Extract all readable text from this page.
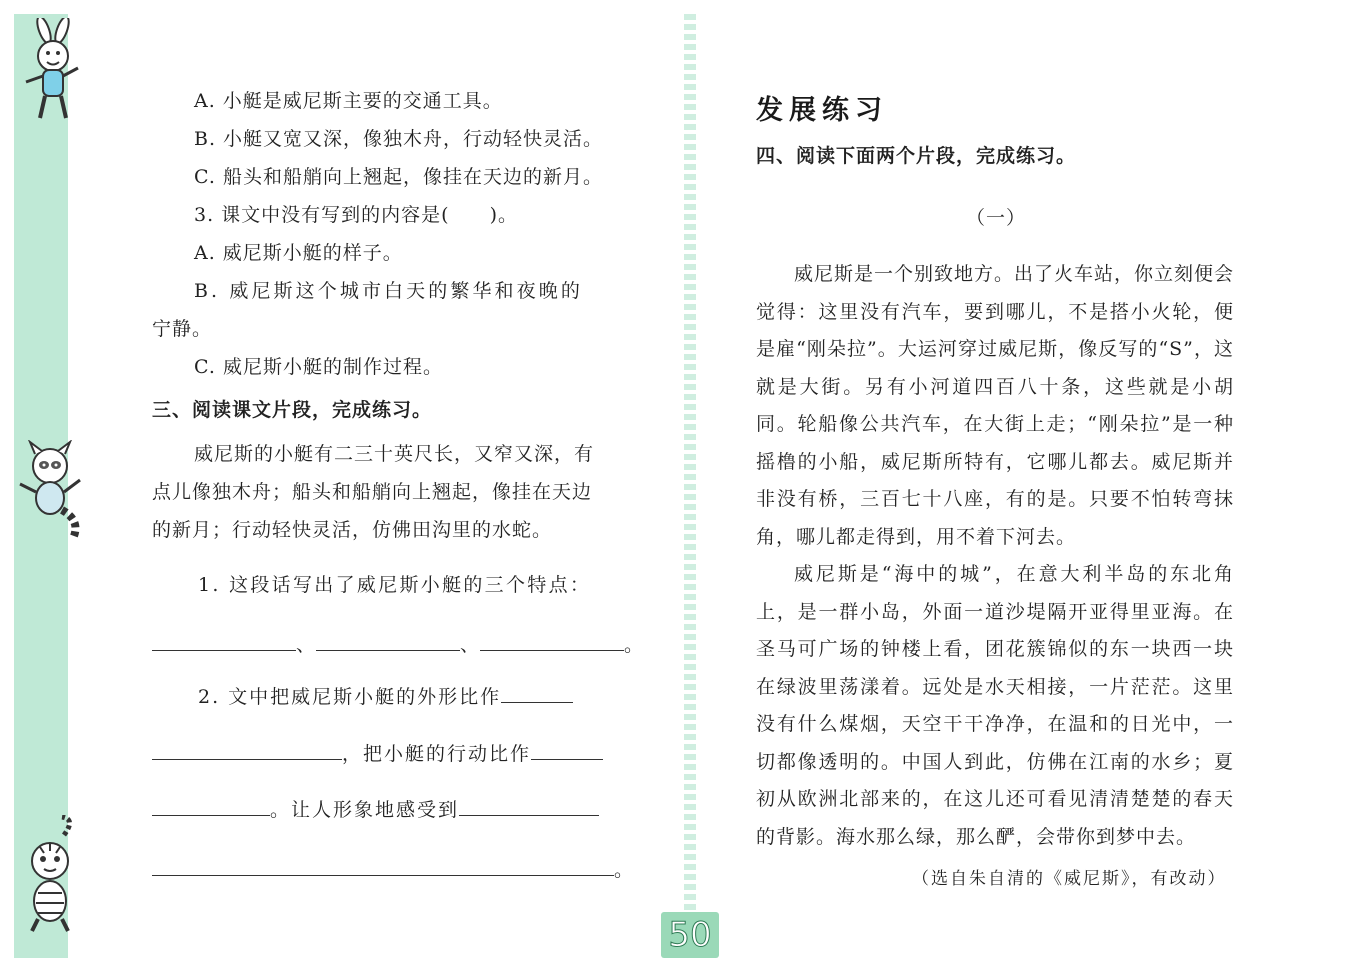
A. 小艇是威尼斯主要的交通工具。
B. 小艇又宽又深，像独木舟，行动轻快灵活。
C. 船头和船艄向上翘起，像挂在天边的新月。
3. 课文中没有写到的内容是(　　)。
A. 威尼斯小艇的样子。
B. 威尼斯这个城市白天的繁华和夜晚的
宁静。
C. 威尼斯小艇的制作过程。
三、阅读课文片段，完成练习。
威尼斯的小艇有二三十英尺长，又窄又深，有
点儿像独木舟；船头和船艄向上翘起，像挂在天边
的新月；行动轻快灵活，仿佛田沟里的水蛇。
1. 这段话写出了威尼斯小艇的三个特点：
、	、	。
2. 文中把威尼斯小艇的外形比作
，把小艇的行动比作
。让人形象地感受到
。
发展练习
四、阅读下面两个片段，完成练习。
（一）

威尼斯是一个别致地方。出了火车站，你立刻便会觉得：这里没有汽车，要到哪儿，不是搭小火轮，便是雇“刚朵拉”。大运河穿过威尼斯，像反写的“S”，这就是大街。另有小河道四百八十条，这些就是小胡同。轮船像公共汽车，在大街上走；“刚朵拉”是一种摇橹的小船，威尼斯所特有，它哪儿都去。威尼斯并非没有桥，三百七十八座，有的是。只要不怕转弯抹角，哪儿都走得到，用不着下河去。

威尼斯是“海中的城”，在意大利半岛的东北角上，是一群小岛，外面一道沙堤隔开亚得里亚海。在圣马可广场的钟楼上看，团花簇锦似的东一块西一块在绿波里荡漾着。远处是水天相接，一片茫茫。这里没有什么煤烟，天空干干净净，在温和的日光中，一切都像透明的。中国人到此，仿佛在江南的水乡；夏初从欧洲北部来的，在这儿还可看见清清楚楚的春天的背影。海水那么绿，那么酽，会带你到梦中去。

（选自朱自清的《威尼斯》，有改动）
50
